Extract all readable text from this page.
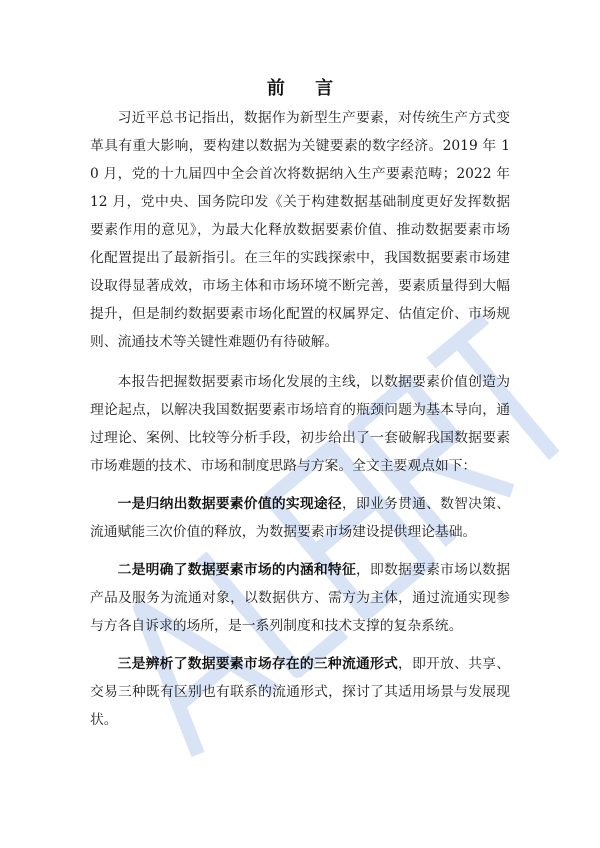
前 言

习近平总书记指出，数据作为新型生产要素，对传统生产方式变革具有重大影响，要构建以数据为关键要素的数字经济。2019 年 10 月，党的十九届四中全会首次将数据纳入生产要素范畴；2022 年 12 月，党中央、国务院印发《关于构建数据基础制度更好发挥数据要素作用的意见》，为最大化释放数据要素价值、推动数据要素市场化配置提出了最新指引。在三年的实践探索中，我国数据要素市场建设取得显著成效，市场主体和市场环境不断完善，要素质量得到大幅提升，但是制约数据要素市场化配置的权属界定、估值定价、市场规则、流通技术等关键性难题仍有待破解。

本报告把握数据要素市场化发展的主线，以数据要素价值创造为理论起点，以解决我国数据要素市场培育的瓶颈问题为基本导向，通过理论、案例、比较等分析手段，初步给出了一套破解我国数据要素市场难题的技术、市场和制度思路与方案。全文主要观点如下：

一是归纳出数据要素价值的实现途径，即业务贯通、数智决策、流通赋能三次价值的释放，为数据要素市场建设提供理论基础。

二是明确了数据要素市场的内涵和特征，即数据要素市场以数据产品及服务为流通对象，以数据供方、需方为主体，通过流通实现参与方各自诉求的场所，是一系列制度和技术支撑的复杂系统。

三是辨析了数据要素市场存在的三种流通形式，即开放、共享、交易三种既有区别也有联系的流通形式，探讨了其适用场景与发展现状。
